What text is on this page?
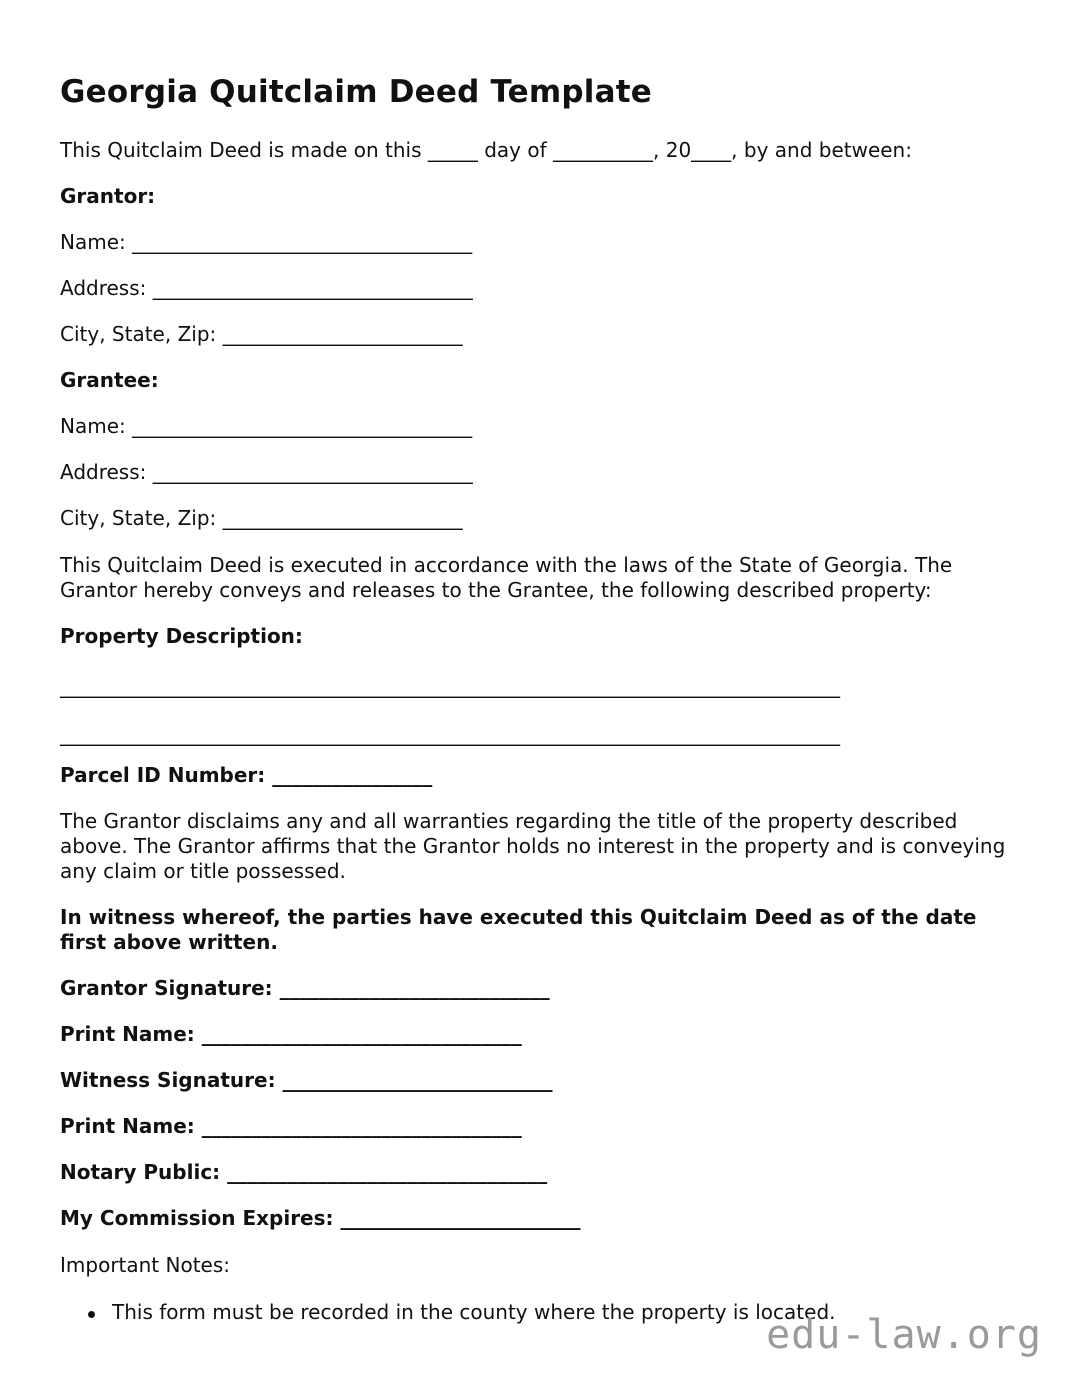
Georgia Quitclaim Deed Template
This Quitclaim Deed is made on this _____ day of __________, 20____, by and between:
Grantor:
Name: __________________________________
Address: ________________________________
City, State, Zip: ________________________
Grantee:
Name: __________________________________
Address: ________________________________
City, State, Zip: ________________________
This Quitclaim Deed is executed in accordance with the laws of the State of Georgia. The Grantor hereby conveys and releases to the Grantee, the following described property:
Property Description:
______________________________________________________________________________
______________________________________________________________________________
Parcel ID Number: ________________
The Grantor disclaims any and all warranties regarding the title of the property described above. The Grantor affirms that the Grantor holds no interest in the property and is conveying any claim or title possessed.
In witness whereof, the parties have executed this Quitclaim Deed as of the date first above written.
Grantor Signature: ___________________________
Print Name: ________________________________
Witness Signature: ___________________________
Print Name: ________________________________
Notary Public: ________________________________
My Commission Expires: ________________________
Important Notes:
This form must be recorded in the county where the property is located.
edu-law.org
